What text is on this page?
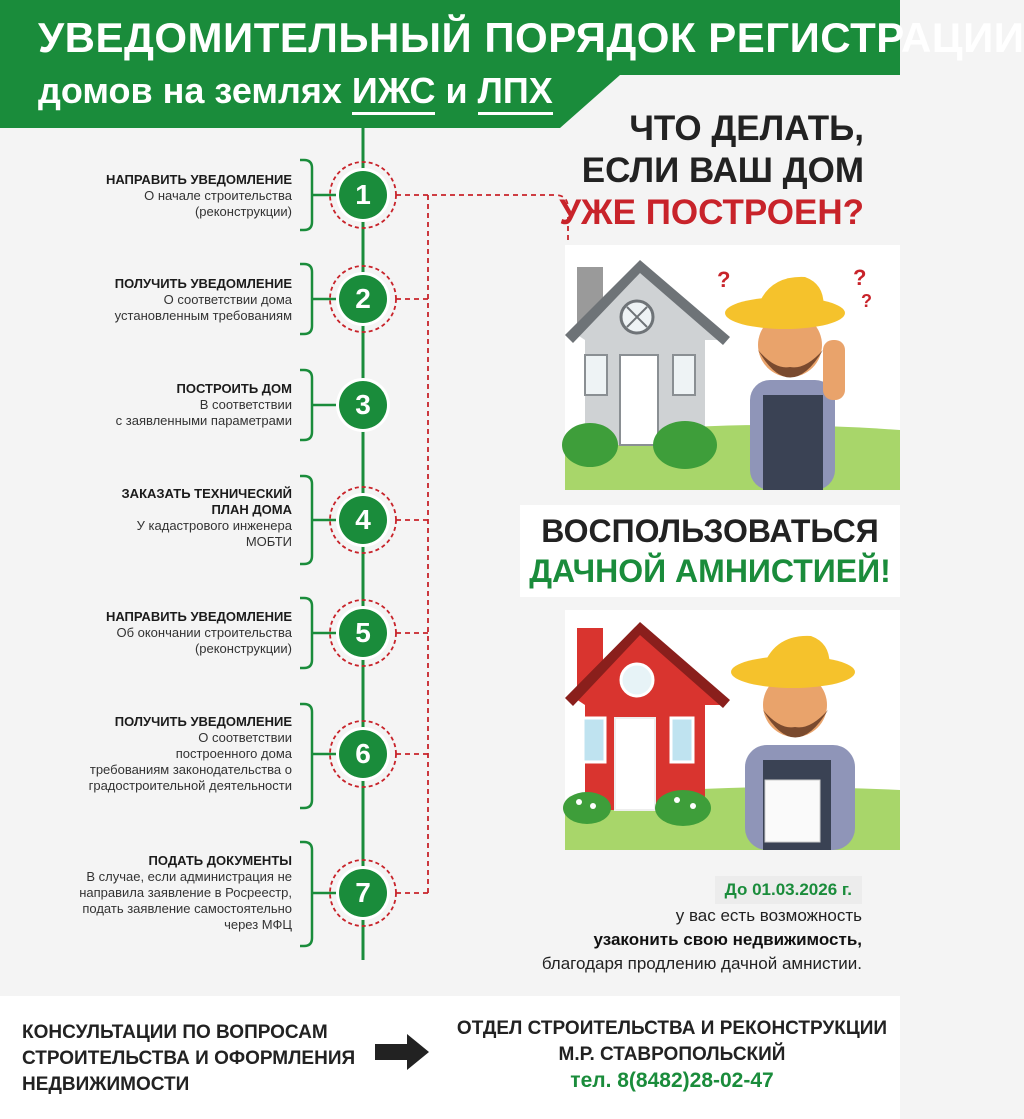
УВЕДОМИТЕЛЬНЫЙ ПОРЯДОК РЕГИСТРАЦИИ
домов на землях ИЖС и ЛПХ
НАПРАВИТЬ УВЕДОМЛЕНИЕ
О начале строительства
(реконструкции)
1
ПОЛУЧИТЬ УВЕДОМЛЕНИЕ
О соответствии дома
установленным требованиям
2
ПОСТРОИТЬ ДОМ
В соответствии
с заявленными параметрами
3
ЗАКАЗАТЬ ТЕХНИЧЕСКИЙ
ПЛАН ДОМА
У кадастрового инженера
МОБТИ
4
НАПРАВИТЬ УВЕДОМЛЕНИЕ
Об окончании строительства
(реконструкции)
5
ПОЛУЧИТЬ УВЕДОМЛЕНИЕ
О соответствии
построенного дома
требованиям законодательства о
градостроительной деятельности
6
ПОДАТЬ ДОКУМЕНТЫ
В случае, если администрация не
направила заявление в Росреестр,
подать заявление самостоятельно
через МФЦ
7
ЧТО ДЕЛАТЬ,
ЕСЛИ ВАШ ДОМ
УЖЕ ПОСТРОЕН?
?	?
?
ВОСПОЛЬЗОВАТЬСЯ
ДАЧНОЙ АМНИСТИЕЙ!
До 01.03.2026 г.
у вас есть возможность
узаконить свою недвижимость,
благодаря продлению дачной амнистии.
КОНСУЛЬТАЦИИ ПО ВОПРОСАМ
СТРОИТЕЛЬСТВА И ОФОРМЛЕНИЯ
НЕДВИЖИМОСТИ
ОТДЕЛ СТРОИТЕЛЬСТВА И РЕКОНСТРУКЦИИ
М.Р. СТАВРОПОЛЬСКИЙ
тел. 8(8482)28-02-47
